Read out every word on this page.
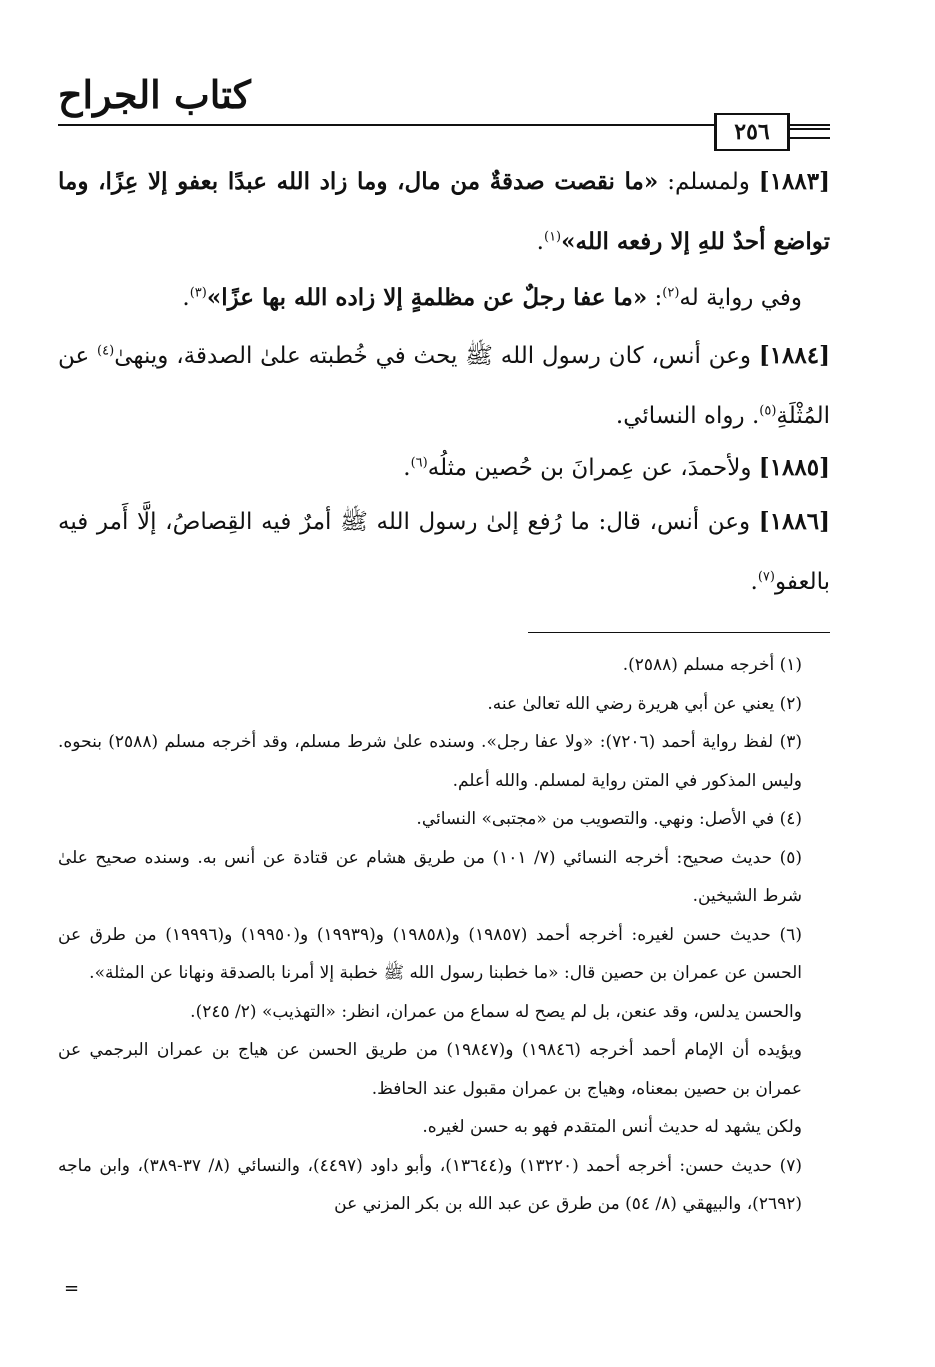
كتاب الجراح
٢٥٦

[١٨٨٣] ولمسلم: «ما نقصت صدقةٌ من مال، وما زاد الله عبدًا بعفو إلا عِزًا، وما تواضع أحدٌ للهِ إلا رفعه الله»$^{(١)}$.

وفي رواية له$^{(٢)}$: «ما عفا رجلٌ عن مظلمةٍ إلا زاده الله بها عزًا»$^{(٣)}$.

[١٨٨٤] وعن أنس، كان رسول الله ﷺ يحث في خُطبته علىٰ الصدقة، وينهىٰ$^{(٤)}$ عن المُثْلَةِ$^{(٥)}$. رواه النسائي.

[١٨٨٥] ولأحمدَ، عن عِمرانَ بن حُصين مثلُه$^{(٦)}$.

[١٨٨٦] وعن أنس، قال: ما رُفع إلىٰ رسول الله ﷺ أمرٌ فيه القِصاصُ، إلَّا أَمر فيه بالعفو$^{(٧)}$.

(١) أخرجه مسلم (٢٥٨٨).

(٢) يعني عن أبي هريرة رضي الله تعالىٰ عنه.

(٣) لفظ رواية أحمد (٧٢٠٦): «ولا عفا رجل». وسنده علىٰ شرط مسلم، وقد أخرجه مسلم (٢٥٨٨) بنحوه. وليس المذكور في المتن رواية لمسلم. والله أعلم.

(٤) في الأصل: ونهي. والتصويب من «مجتبى» النسائي.

(٥) حديث صحيح: أخرجه النسائي (٧/ ١٠١) من طريق هشام عن قتادة عن أنس به. وسنده صحيح علىٰ شرط الشيخين.

(٦) حديث حسن لغيره: أخرجه أحمد (١٩٨٥٧) و(١٩٨٥٨) و(١٩٩٣٩) و(١٩٩٥٠) و(١٩٩٩٦) من طرق عن الحسن عن عمران بن حصين قال: «ما خطبنا رسول الله ﷺ خطبة إلا أمرنا بالصدقة ونهانا عن المثلة».

والحسن يدلس، وقد عنعن، بل لم يصح له سماع من عمران، انظر: «التهذيب» (٢/ ٢٤٥).

ويؤيده أن الإمام أحمد أخرجه (١٩٨٤٦) و(١٩٨٤٧) من طريق الحسن عن هياج بن عمران البرجمي عن عمران بن حصين بمعناه، وهياج بن عمران مقبول عند الحافظ.

ولكن يشهد له حديث أنس المتقدم فهو به حسن لغيره.

(٧) حديث حسن: أخرجه أحمد (١٣٢٢٠) و(١٣٦٤٤)، وأبو داود (٤٤٩٧)، والنسائي (٨/ ٣٧-٣٨٩)، وابن ماجه (٢٦٩٢)، والبيهقي (٨/ ٥٤) من طرق عن عبد الله بن بكر المزني عن

=
